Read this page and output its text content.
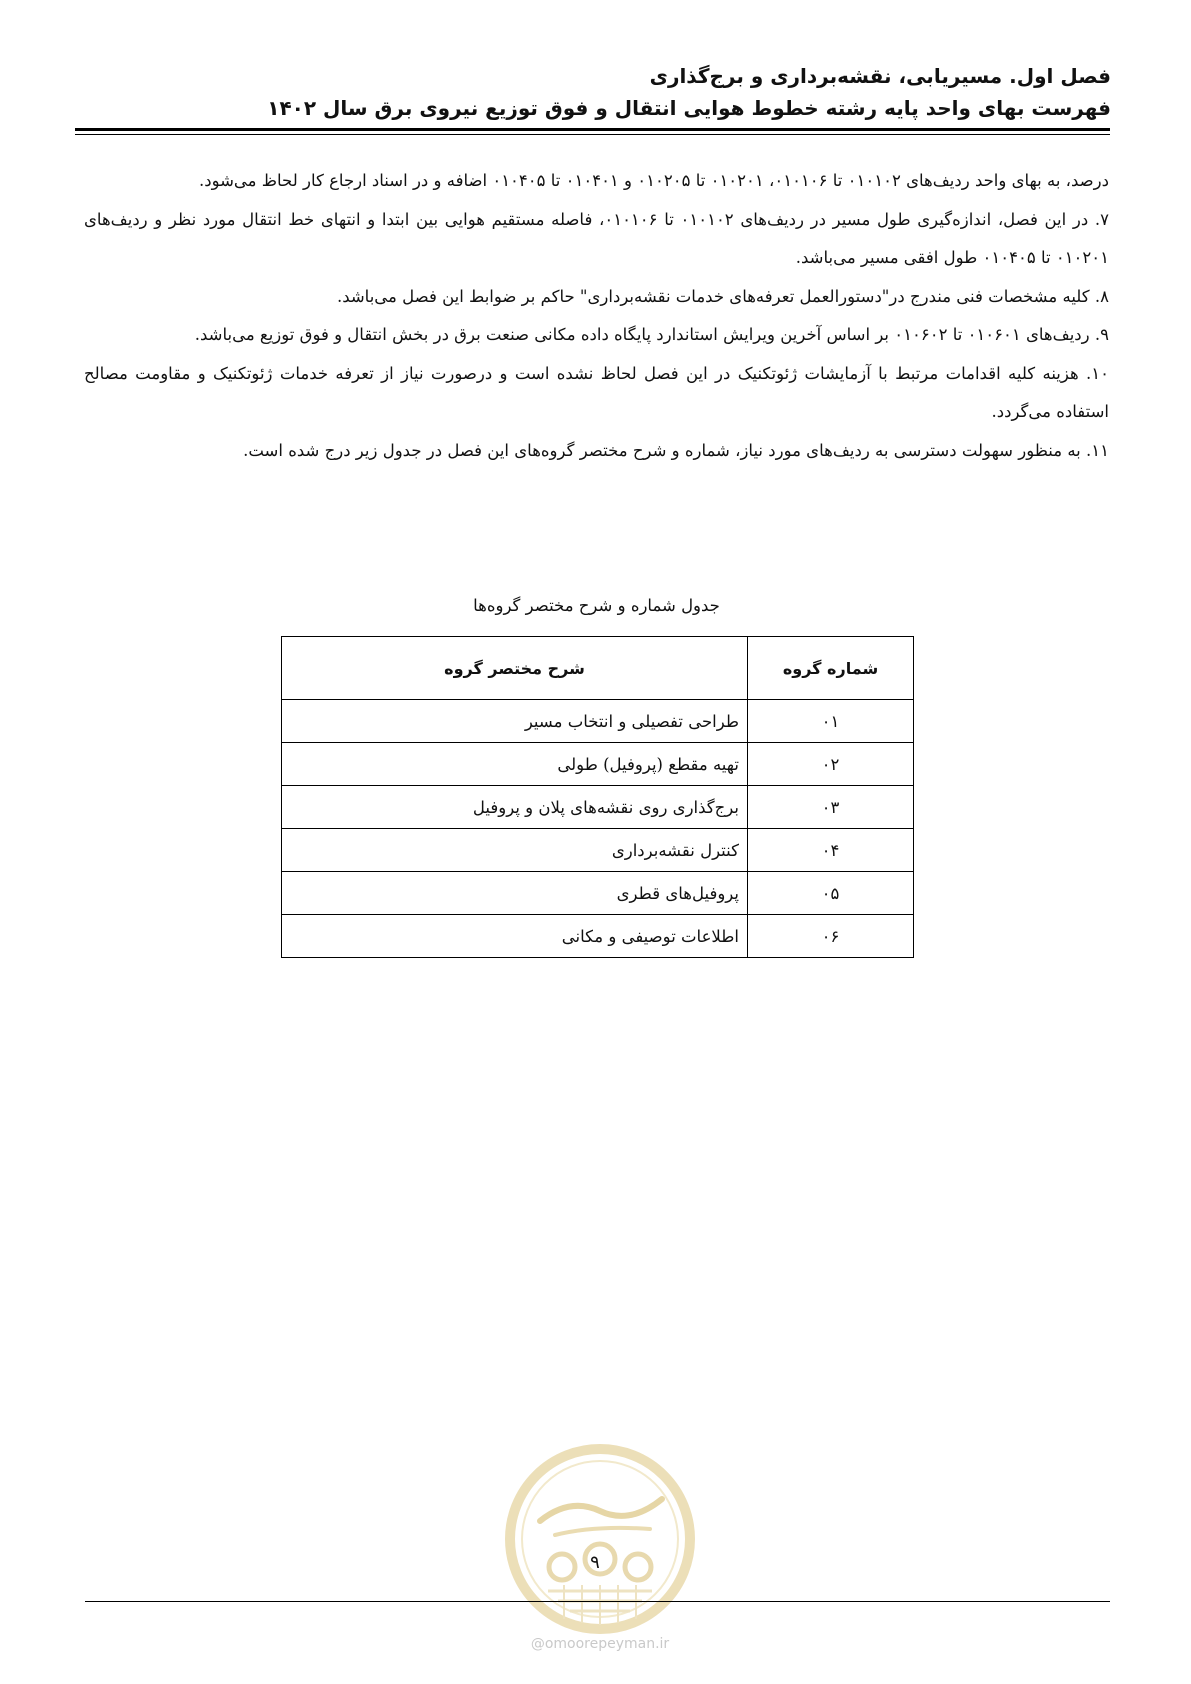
فصل اول. مسیریابی، نقشه‌برداری و برج‌گذاری
فهرست بهای واحد پایه رشته خطوط هوایی انتقال و فوق توزیع نیروی برق سال ۱۴۰۲

درصد، به بهای واحد ردیف‌های ۰۱۰۱۰۲ تا ۰۱۰۱۰۶، ۰۱۰۲۰۱ تا ۰۱۰۲۰۵ و ۰۱۰۴۰۱ تا ۰۱۰۴۰۵ اضافه و در اسناد ارجاع کار لحاظ می‌شود.

۷. در این فصل، اندازه‌گیری طول مسیر در ردیف‌های ۰۱۰۱۰۲ تا ۰۱۰۱۰۶، فاصله مستقیم هوایی بین ابتدا و انتهای خط انتقال مورد نظر و ردیف‌های ۰۱۰۲۰۱ تا ۰۱۰۴۰۵ طول افقی مسیر می‌باشد.

۸. کلیه مشخصات فنی مندرج در"دستورالعمل تعرفه‌های خدمات نقشه‌برداری" حاکم بر ضوابط این فصل می‌باشد.

۹. ردیف‌های ۰۱۰۶۰۱ تا ۰۱۰۶۰۲ بر اساس آخرین ویرایش استاندارد پایگاه داده مکانی صنعت برق در بخش انتقال و فوق توزیع می‌باشد.

۱۰. هزینه کلیه اقدامات مرتبط با آزمایشات ژئوتکنیک در این فصل لحاظ نشده است و درصورت نیاز از تعرفه خدمات ژئوتکنیک و مقاومت مصالح استفاده می‌گردد.

۱۱. به منظور سهولت دسترسی به ردیف‌های مورد نیاز، شماره و شرح مختصر گروه‌های این فصل در جدول زیر درج شده است.

جدول شماره و شرح مختصر گروه‌ها
شماره گروه	شرح مختصر گروه
۰۱	طراحی تفصیلی و انتخاب مسیر
۰۲	تهیه مقطع (پروفیل) طولی
۰۳	برج‌گذاری روی نقشه‌های پلان و پروفیل
۰۴	کنترل نقشه‌برداری
۰۵	پروفیل‌های قطری
۰۶	اطلاعات توصیفی و مکانی
۹
@omoorepeyman.ir
